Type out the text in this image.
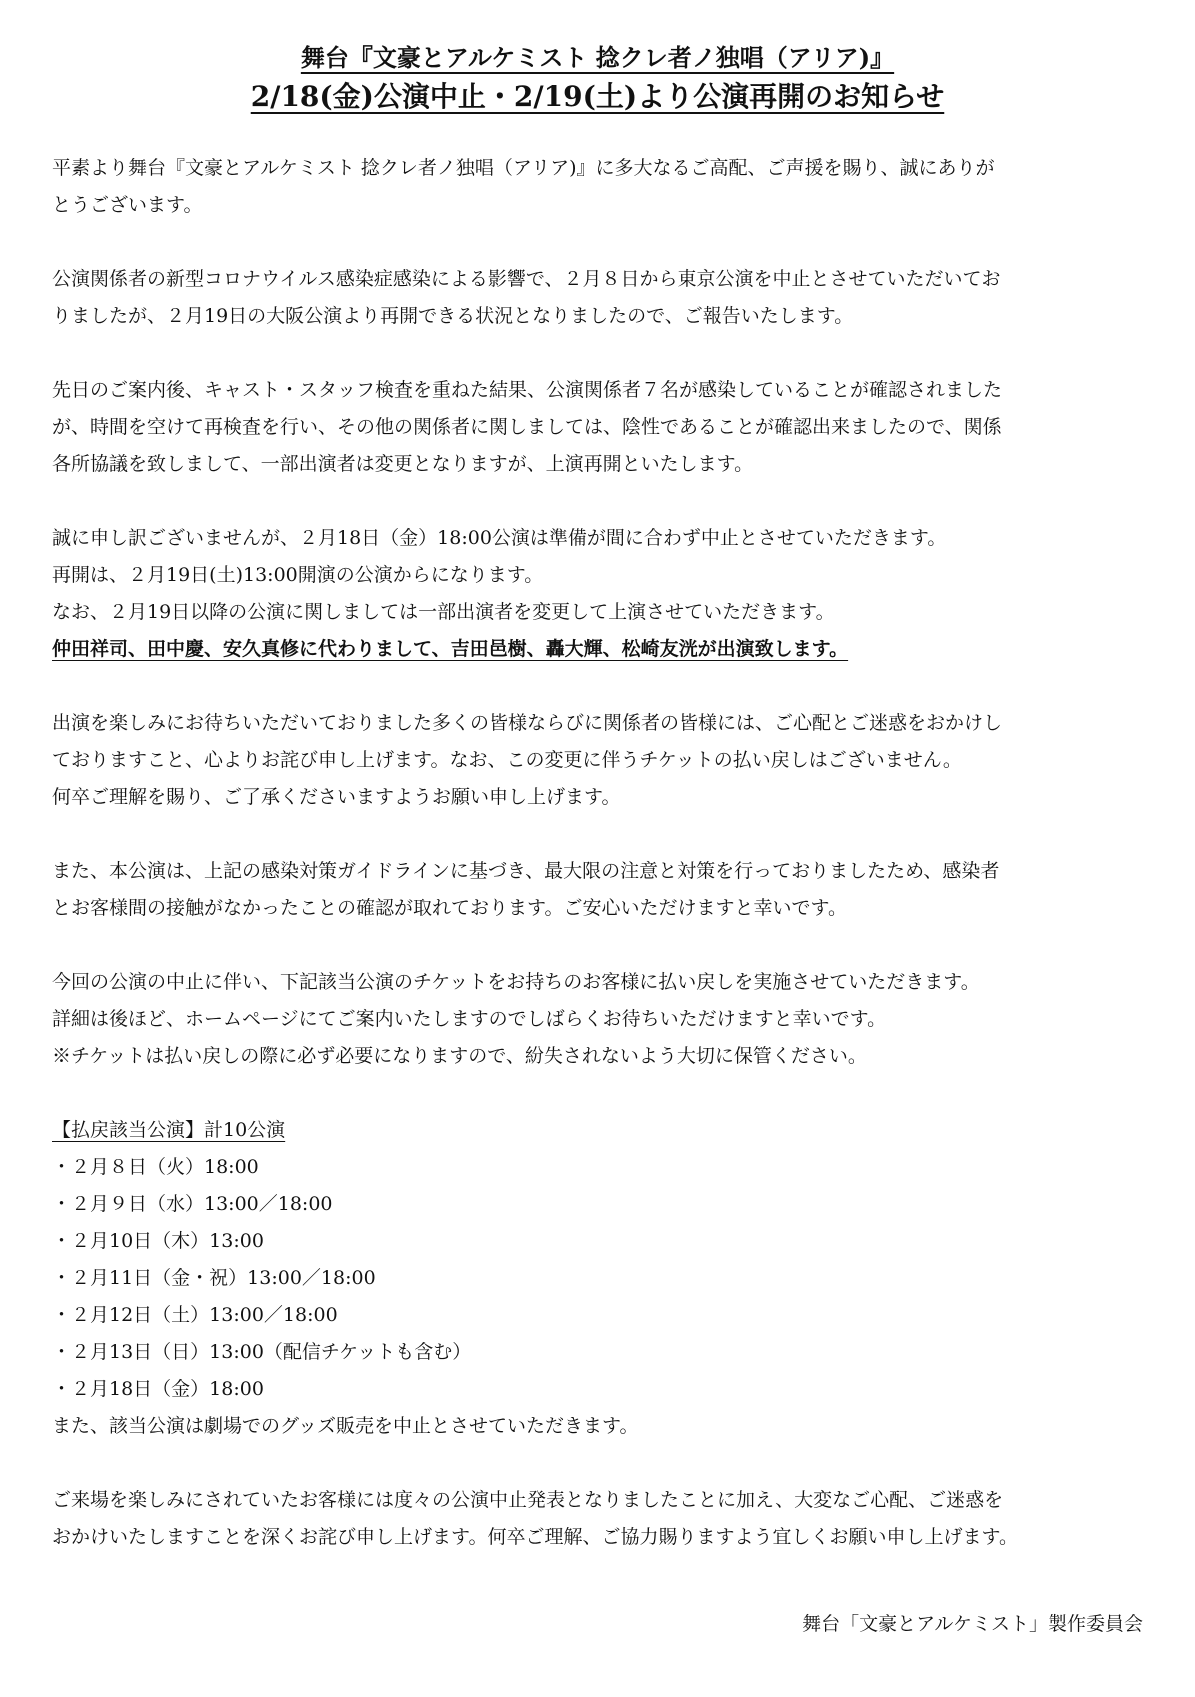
舞台『文豪とアルケミスト 捻クレ者ノ独唱（アリア)』
2/18(金)公演中止・2/19(土)より公演再開のお知らせ
平素より舞台『文豪とアルケミスト 捻クレ者ノ独唱（アリア)』に多大なるご高配、ご声援を賜り、誠にありが
とうございます。
公演関係者の新型コロナウイルス感染症感染による影響で、２月８日から東京公演を中止とさせていただいてお
りましたが、２月19日の大阪公演より再開できる状況となりましたので、ご報告いたします。
先日のご案内後、キャスト・スタッフ検査を重ねた結果、公演関係者７名が感染していることが確認されました
が、時間を空けて再検査を行い、その他の関係者に関しましては、陰性であることが確認出来ましたので、関係
各所協議を致しまして、一部出演者は変更となりますが、上演再開といたします。
誠に申し訳ございませんが、２月18日（金）18:00公演は準備が間に合わず中止とさせていただきます。
再開は、２月19日(土)13:00開演の公演からになります。
なお、２月19日以降の公演に関しましては一部出演者を変更して上演させていただきます。
仲田祥司、田中慶、安久真修に代わりまして、吉田邑樹、轟大輝、松崎友洸が出演致します。
出演を楽しみにお待ちいただいておりました多くの皆様ならびに関係者の皆様には、ご心配とご迷惑をおかけし
ておりますこと、心よりお詫び申し上げます。なお、この変更に伴うチケットの払い戻しはございません。
何卒ご理解を賜り、ご了承くださいますようお願い申し上げます。
また、本公演は、上記の感染対策ガイドラインに基づき、最大限の注意と対策を行っておりましたため、感染者
とお客様間の接触がなかったことの確認が取れております。ご安心いただけますと幸いです。
今回の公演の中止に伴い、下記該当公演のチケットをお持ちのお客様に払い戻しを実施させていただきます。
詳細は後ほど、ホームページにてご案内いたしますのでしばらくお待ちいただけますと幸いです。
※チケットは払い戻しの際に必ず必要になりますので、紛失されないよう大切に保管ください。
【払戻該当公演】計10公演
・２月８日（火）18:00
・２月９日（水）13:00／18:00
・２月10日（木）13:00
・２月11日（金・祝）13:00／18:00
・２月12日（土）13:00／18:00
・２月13日（日）13:00（配信チケットも含む）
・２月18日（金）18:00
また、該当公演は劇場でのグッズ販売を中止とさせていただきます。
ご来場を楽しみにされていたお客様には度々の公演中止発表となりましたことに加え、大変なご心配、ご迷惑を
おかけいたしますことを深くお詫び申し上げます。何卒ご理解、ご協力賜りますよう宜しくお願い申し上げます。
舞台「文豪とアルケミスト」製作委員会
